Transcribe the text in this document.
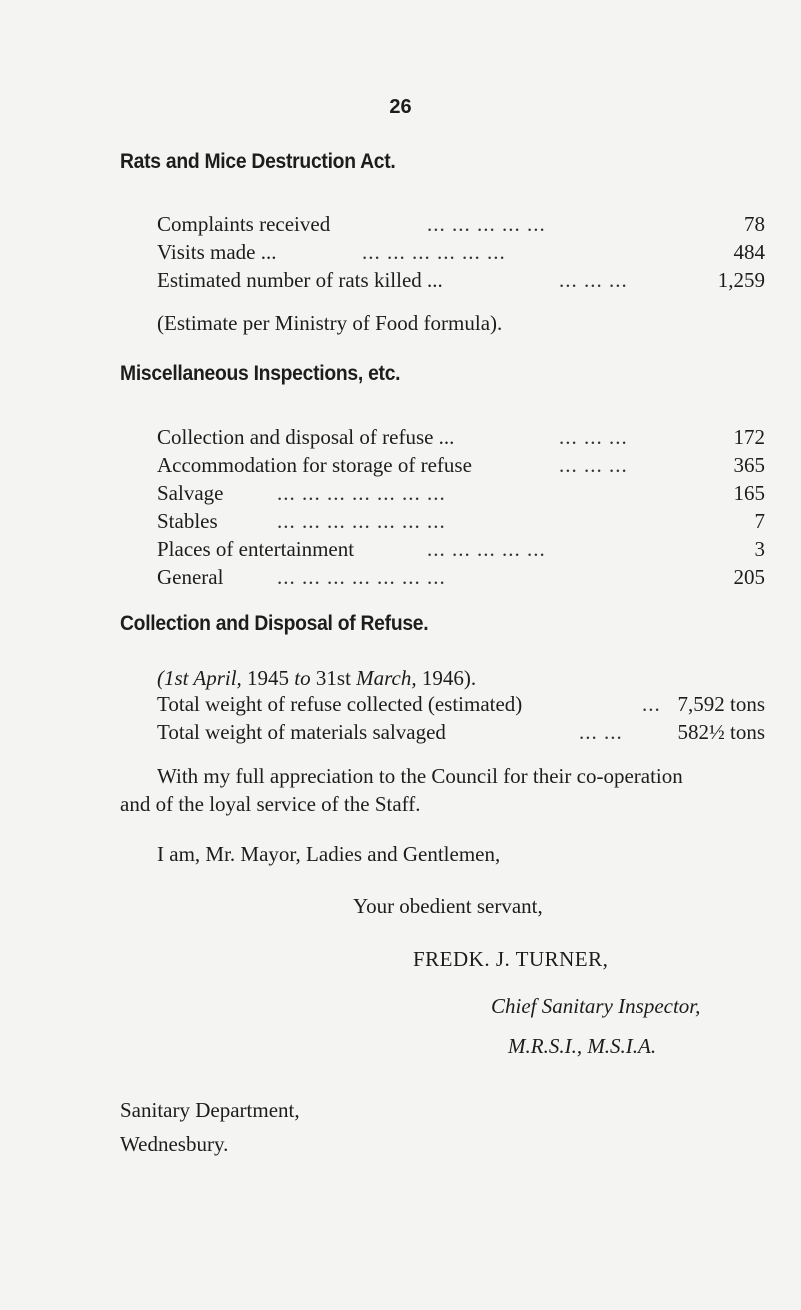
26
Rats and Mice Destruction Act.
Complaints received	... ... ... ... ...	78
Visits made ...	... ... ... ... ... ...	484
Estimated number of rats killed ...	... ... ...	1,259
(Estimate per Ministry of Food formula).
Miscellaneous Inspections, etc.
Collection and disposal of refuse ...	... ... ...	172
Accommodation for storage of refuse	... ... ...	365
Salvage	... ... ... ... ... ... ...	165
Stables	... ... ... ... ... ... ...	7
Places of entertainment	... ... ... ... ...	3
General	... ... ... ... ... ... ...	205
Collection and Disposal of Refuse.
(1st April, 1945 to 31st March, 1946).
Total weight of refuse collected (estimated)	... 7,592 tons
Total weight of materials salvaged	... ...	582½ tons
With my full appreciation to the Council for their co-operation
and of the loyal service of the Staff.
I am, Mr. Mayor, Ladies and Gentlemen,
Your obedient servant,
FREDK. J. TURNER,
Chief Sanitary Inspector,
M.R.S.I., M.S.I.A.
Sanitary Department,
Wednesbury.
